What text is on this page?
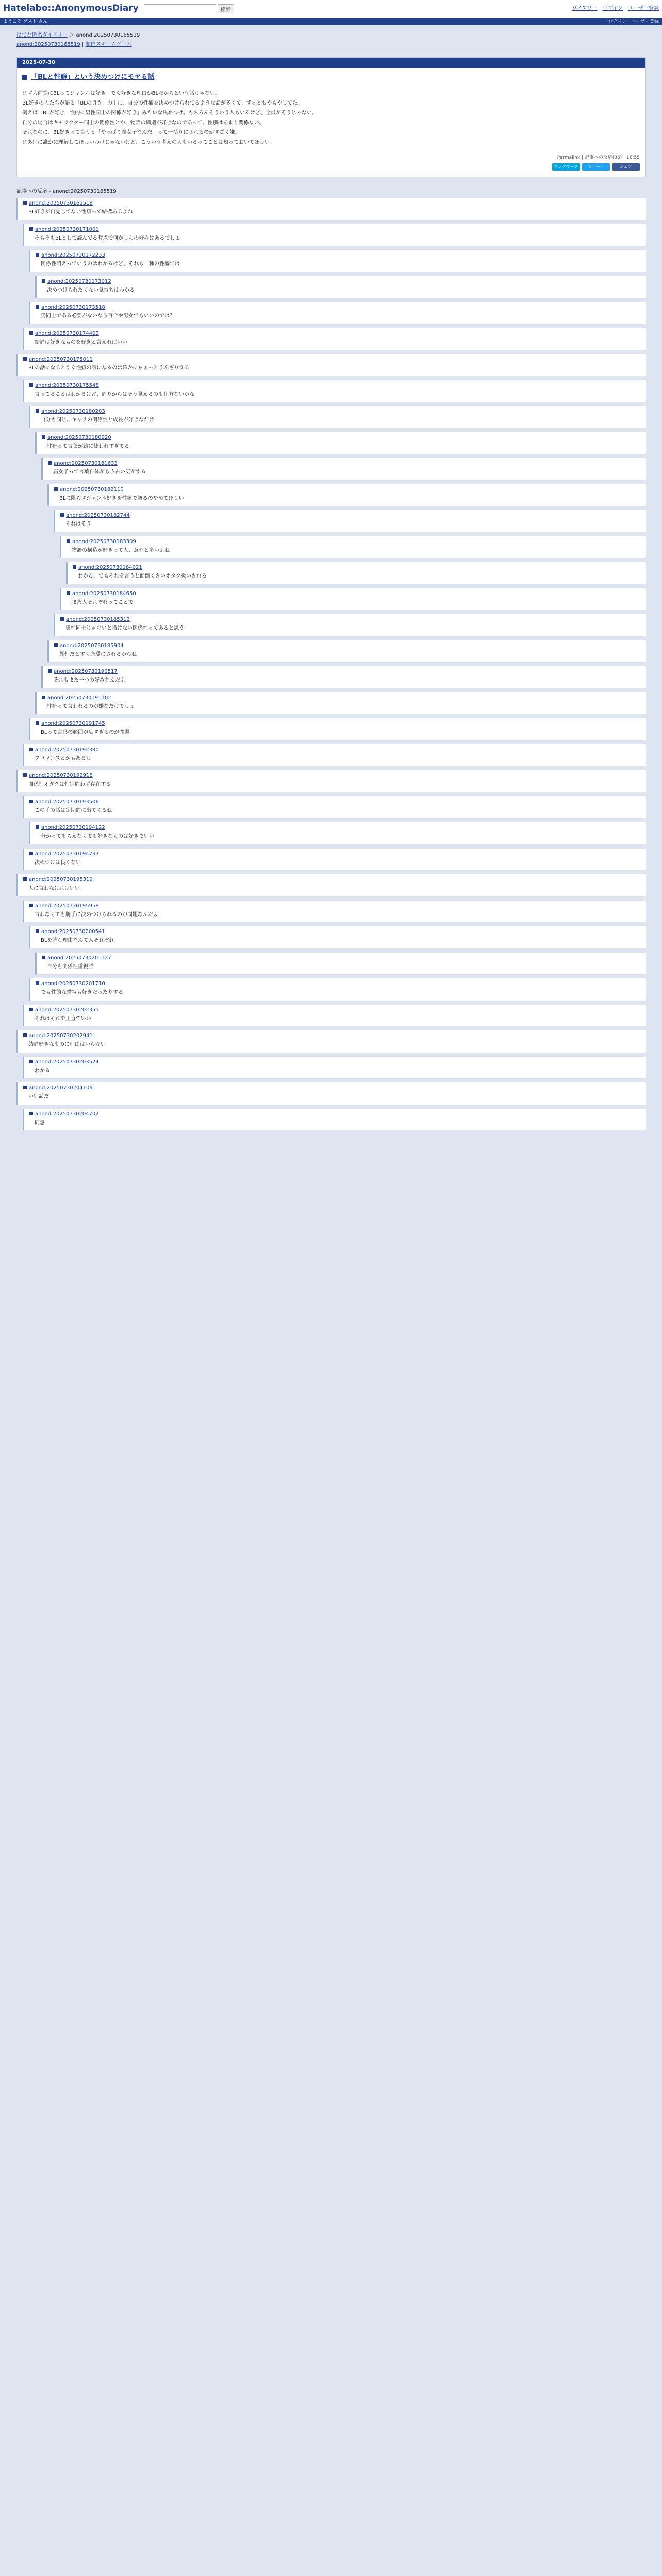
Hatelabo::AnonymousDiary	検索	ダイアリー ログイン ユーザー登録
ようこそ ゲスト さん	ログイン ユーザー登録
はてな匿名ダイアリー ＞ anond:20250730165519
anond:20250730165519 | 順位スキームゲーム
2025-07-30
「BLと性癖」という決めつけにモヤる話

まず大前提にBLってジャンルは好き。でも好きな理由がBLだからという話じゃない。

BL好きの人たちが語る「BLの良さ」の中に、自分の性癖を決めつけられてるような話が多くて、ずっともやもやしてた。

例えば「BLが好き＝性的に男性同士の関係が好き」みたいな決めつけ。もちろんそういう人もいるけど、全員がそうじゃない。

自分の場合はキャラクター同士の関係性とか、物語の構造が好きなのであって、性別はあまり関係ない。

それなのに、BL好きって言うと「やっぱり腐女子なんだ」って一括りにされるのがすごく嫌。

まあ別に誰かに理解してほしいわけじゃないけど、こういう考えの人もいるってことは知っておいてほしい。

Permalink | 記事への反応(36) | 16:55
ブックマーク	ツイート	シェア
記事への反応 - anond:20250730165519
anond:20250730165519
BL好きが自覚してない性癖って結構あるよね
anond:20250730171001
そもそもBLとして読んでる時点で何かしらの好みはあるでしょ
anond:20250730172233
関係性萌えっていうのはわかるけど、それも一種の性癖では
anond:20250730173012
決めつけられたくない気持ちはわかる
anond:20250730173518
男同士である必要がないなら百合や男女でもいいのでは？
anond:20250730174402
結局は好きなものを好きと言えればいい
anond:20250730175011
BLの話になるとすぐ性癖の話になるのは確かにちょっとうんざりする
anond:20250730175548
言ってることはわかるけど、周りからはそう見えるのも仕方ないかな
anond:20250730180203
自分も同じ。キャラの関係性と成長が好きなだけ
anond:20250730180920
性癖って言葉が雑に使われすぎてる
anond:20250730181633
腐女子って言葉自体がもう古い気がする
anond:20250730182110
BLに限らずジャンル好きを性癖で語るのやめてほしい
anond:20250730182744
それはそう
anond:20250730183309
物語の構造が好きって人、意外と多いよね
anond:20250730184021
わかる。でもそれを言うと面倒くさいオタク扱いされる
anond:20250730184650
まあ人それぞれってことで
anond:20250730185312
男性同士じゃないと描けない関係性ってあると思う
anond:20250730185904
異性だとすぐ恋愛にされるからね
anond:20250730190517
それもまた一つの好みなんだよ
anond:20250730191102
性癖って言われるのが嫌なだけでしょ
anond:20250730191745
BLって言葉の範囲が広すぎるのが問題
anond:20250730192330
ブロマンスとかもあるし
anond:20250730192918
関係性オタクは性別問わず存在する
anond:20250730193506
この手の話は定期的に出てくるね
anond:20250730194122
分かってもらえなくても好きなものは好きでいい
anond:20250730194733
決めつけは良くない
anond:20250730195319
人に言わなければいい
anond:20250730195958
言わなくても勝手に決めつけられるのが問題なんだよ
anond:20250730200541
BLを読む理由なんて人それぞれ
anond:20250730201127
自分も関係性重視派
anond:20250730201710
でも性的な描写も好きだったりする
anond:20250730202355
それはそれで正直でいい
anond:20250730202941
結局好きなものに理由はいらない
anond:20250730203524
わかる
anond:20250730204109
いい話だ
anond:20250730204702
同意
